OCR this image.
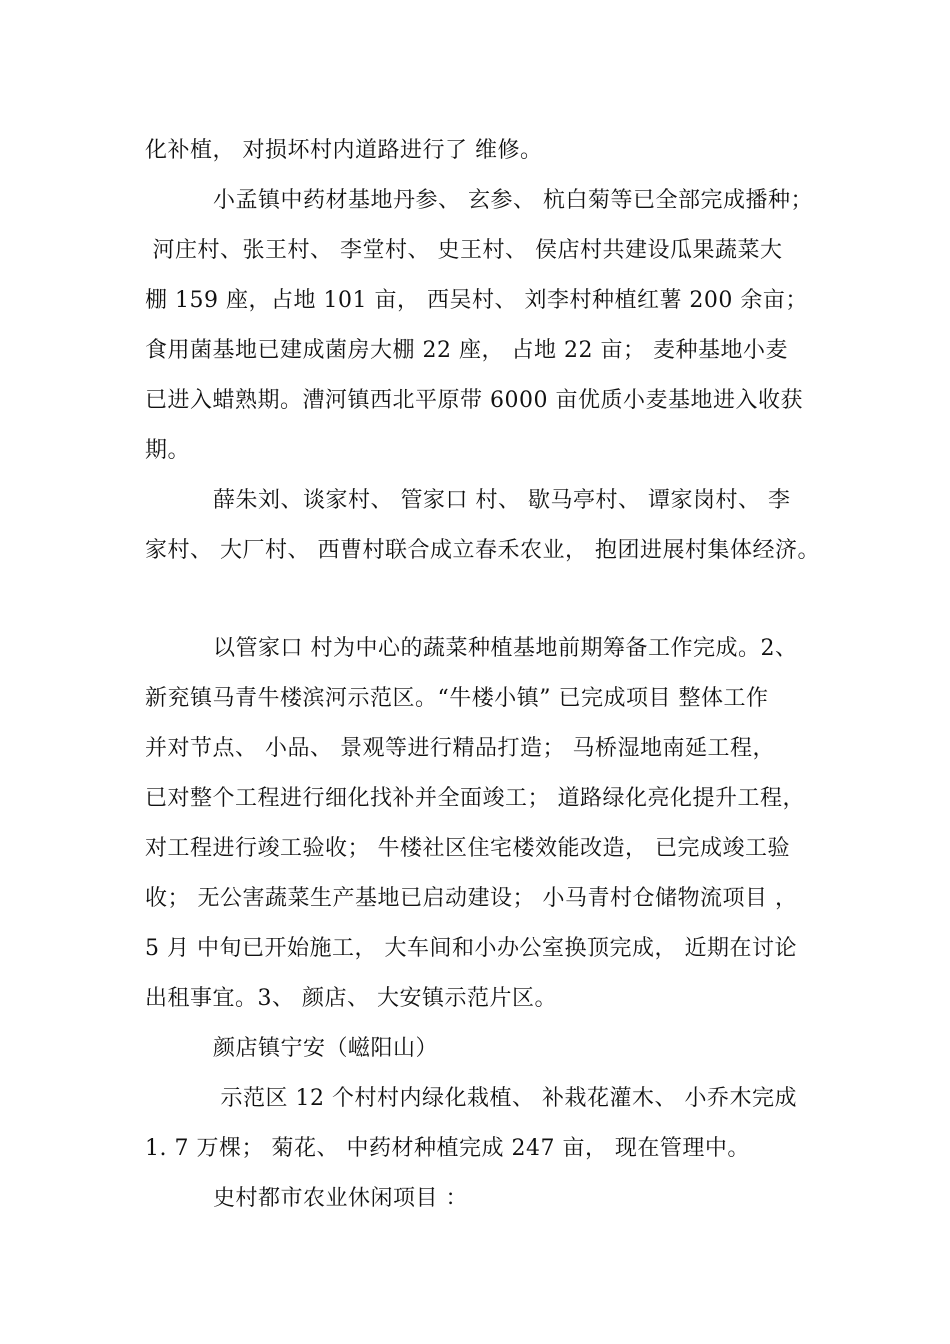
化补植， 对损坏村内道路进行了 维修。
小孟镇中药材基地丹参、 玄参、 杭白菊等已全部完成播种；
河庄村、张王村、 李堂村、 史王村、 侯店村共建设瓜果蔬菜大
棚 159 座，占地 101 亩， 西吴村、 刘李村种植红薯 200 余亩；
食用菌基地已建成菌房大棚 22 座， 占地 22 亩； 麦种基地小麦
已进入蜡熟期。漕河镇西北平原带 6000 亩优质小麦基地进入收获
期。
薛朱刘、谈家村、 管家口 村、 歇马亭村、 谭家岗村、 李
家村、 大厂村、 西曹村联合成立春禾农业， 抱团进展村集体经济。
以管家口 村为中心的蔬菜种植基地前期筹备工作完成。2、
新兖镇马青牛楼滨河示范区。“牛楼小镇” 已完成项目 整体工作
并对节点、 小品、 景观等进行精品打造； 马桥湿地南延工程，
已对整个工程进行细化找补并全面竣工； 道路绿化亮化提升工程，
对工程进行竣工验收； 牛楼社区住宅楼效能改造， 已完成竣工验
收； 无公害蔬菜生产基地已启动建设； 小马青村仓储物流项目 ，
5 月 中旬已开始施工， 大车间和小办公室换顶完成， 近期在讨论
出租事宜。3、 颜店、 大安镇示范片区。
颜店镇宁安（嵫阳山）
示范区 12 个村村内绿化栽植、 补栽花灌木、 小乔木完成
1. 7 万棵； 菊花、 中药材种植完成 247 亩， 现在管理中。
史村都市农业休闲项目 ：
